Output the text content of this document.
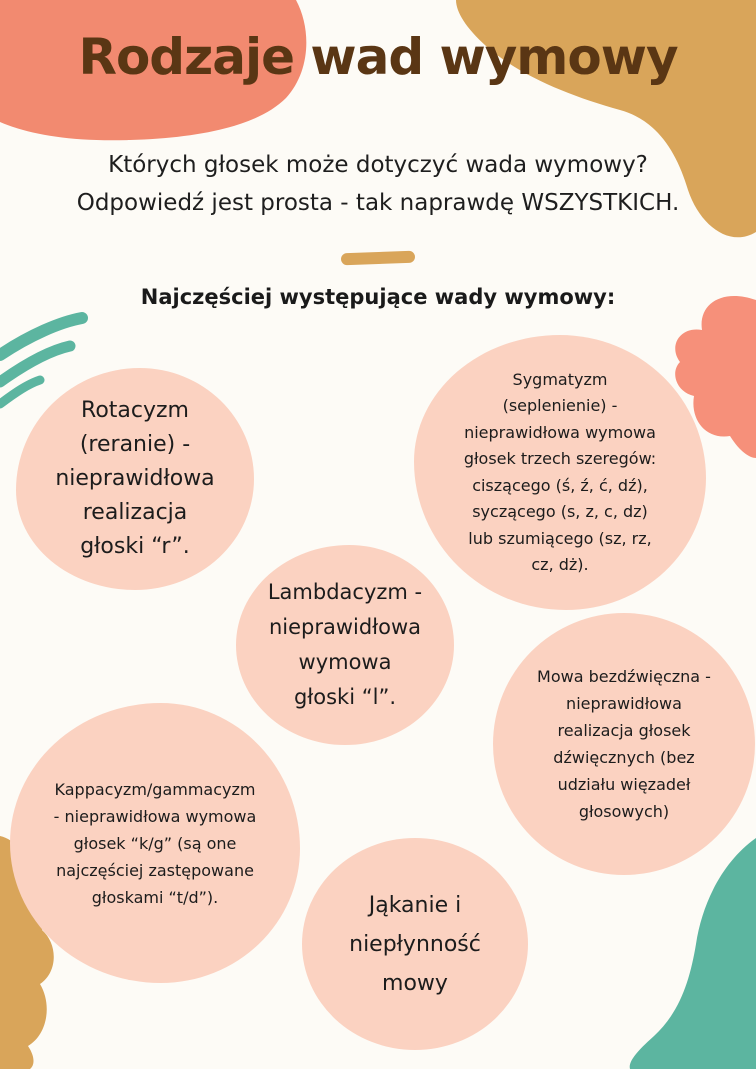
Rodzaje wad wymowy
Których głosek może dotyczyć wada wymowy?
Odpowiedź jest prosta - tak naprawdę WSZYSTKICH.
Najczęściej występujące wady wymowy:
Rotacyzm
(reranie) -
nieprawidłowa
realizacja
głoski “r”.
Sygmatyzm
(seplenienie) -
nieprawidłowa wymowa
głosek trzech szeregów:
ciszącego (ś, ź, ć, dź),
syczącego (s, z, c, dz)
lub szumiącego (sz, rz,
cz, dż).
Lambdacyzm -
nieprawidłowa
wymowa
głoski “l”.
Mowa bezdźwięczna -
nieprawidłowa
realizacja głosek
dźwięcznych (bez
udziału więzadeł
głosowych)
Kappacyzm/gammacyzm
- nieprawidłowa wymowa
głosek “k/g” (są one
najczęściej zastępowane
głoskami “t/d”).	Jąkanie i
niepłynność
mowy
